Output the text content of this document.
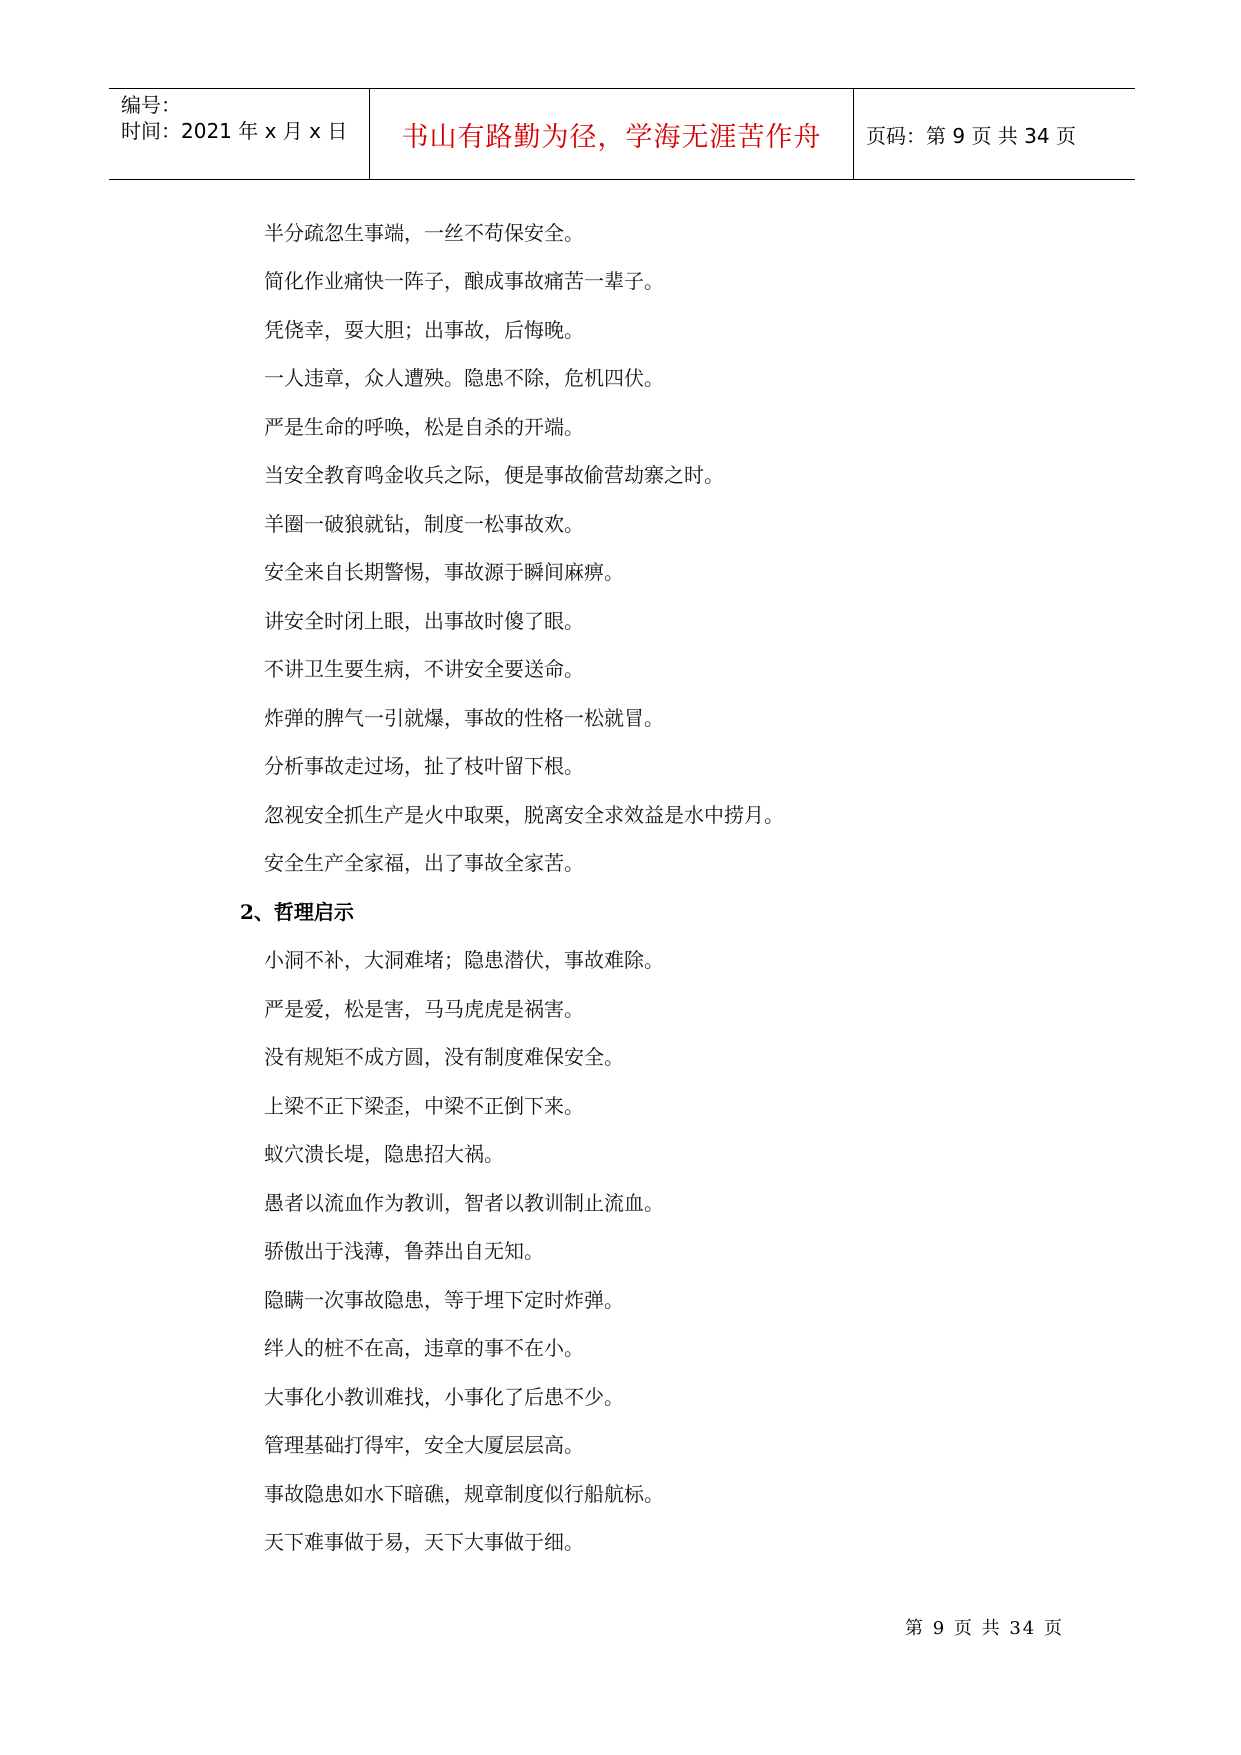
编号：
时间：2021 年 x 月 x 日 书山有路勤为径，学海无涯苦作舟 页码：第 9 页 共 34 页
半分疏忽生事端，一丝不苟保安全。
简化作业痛快一阵子，酿成事故痛苦一辈子。
凭侥幸，耍大胆；出事故，后悔晚。
一人违章，众人遭殃。隐患不除，危机四伏。
严是生命的呼唤，松是自杀的开端。
当安全教育鸣金收兵之际，便是事故偷营劫寨之时。
羊圈一破狼就钻，制度一松事故欢。
安全来自长期警惕，事故源于瞬间麻痹。
讲安全时闭上眼，出事故时傻了眼。
不讲卫生要生病，不讲安全要送命。
炸弹的脾气一引就爆，事故的性格一松就冒。
分析事故走过场，扯了枝叶留下根。
忽视安全抓生产是火中取栗，脱离安全求效益是水中捞月。
安全生产全家福，出了事故全家苦。
2、哲理启示
小洞不补，大洞难堵；隐患潜伏，事故难除。
严是爱，松是害，马马虎虎是祸害。
没有规矩不成方圆，没有制度难保安全。
上梁不正下梁歪，中梁不正倒下来。
蚁穴溃长堤，隐患招大祸。
愚者以流血作为教训，智者以教训制止流血。
骄傲出于浅薄，鲁莽出自无知。
隐瞒一次事故隐患，等于埋下定时炸弹。
绊人的桩不在高，违章的事不在小。
大事化小教训难找，小事化了后患不少。
管理基础打得牢，安全大厦层层高。
事故隐患如水下暗礁，规章制度似行船航标。
天下难事做于易，天下大事做于细。
第 9 页 共 34 页
